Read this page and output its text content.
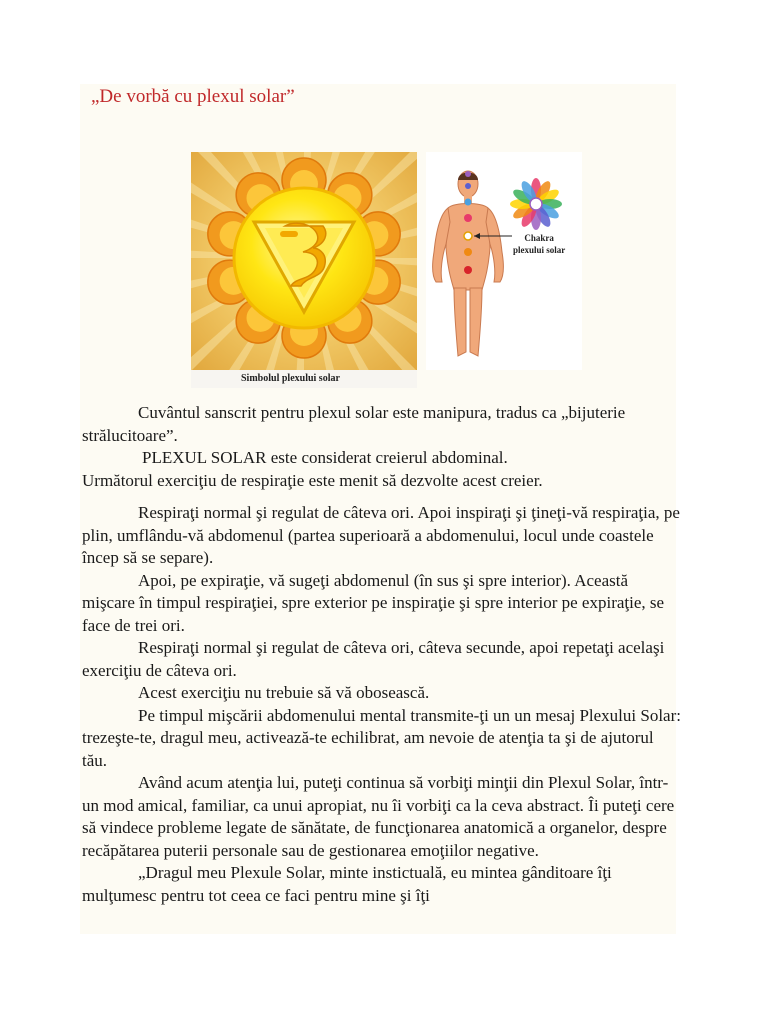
„De vorbă cu plexul solar”
Simbolul plexului solar
Chakra
plexului solar

Cuvântul sanscrit pentru plexul solar este manipura, tradus ca „bijuterie strălucitoare”.

PLEXUL SOLAR este considerat creierul abdominal.

Următorul exerciţiu de respiraţie este menit să dezvolte acest creier.

Respiraţi normal şi regulat de câteva ori. Apoi inspiraţi şi ţineţi-vă respiraţia, pe plin, umflându-vă abdomenul (partea superioară a abdomenului, locul unde coastele încep să se separe).

Apoi, pe expiraţie, vă sugeţi abdomenul (în sus şi spre interior). Această mişcare în timpul respiraţiei, spre exterior pe inspiraţie şi spre interior pe expiraţie, se face de trei ori.

Respiraţi normal şi regulat de câteva ori, câteva secunde, apoi repetaţi acelaşi exerciţiu de câteva ori.

Acest exerciţiu nu trebuie să vă obosească.

Pe timpul mişcării abdomenului mental transmite-ţi un un mesaj Plexului Solar: trezeşte-te, dragul meu, activează-te echilibrat, am nevoie de atenţia ta şi de ajutorul tău.

Având acum atenţia lui, puteţi continua să vorbiţi minţii din Plexul Solar, într-un mod amical, familiar, ca unui apropiat, nu îi vorbiţi ca la ceva abstract. Îi puteţi cere să vindece probleme legate de sănătate, de funcţionarea anatomică a organelor, despre recăpătarea puterii personale sau de gestionarea emoţiilor negative.

„Dragul meu Plexule Solar, minte instictuală, eu mintea gânditoare îţi mulţumesc pentru tot ceea ce faci pentru mine şi îţi
